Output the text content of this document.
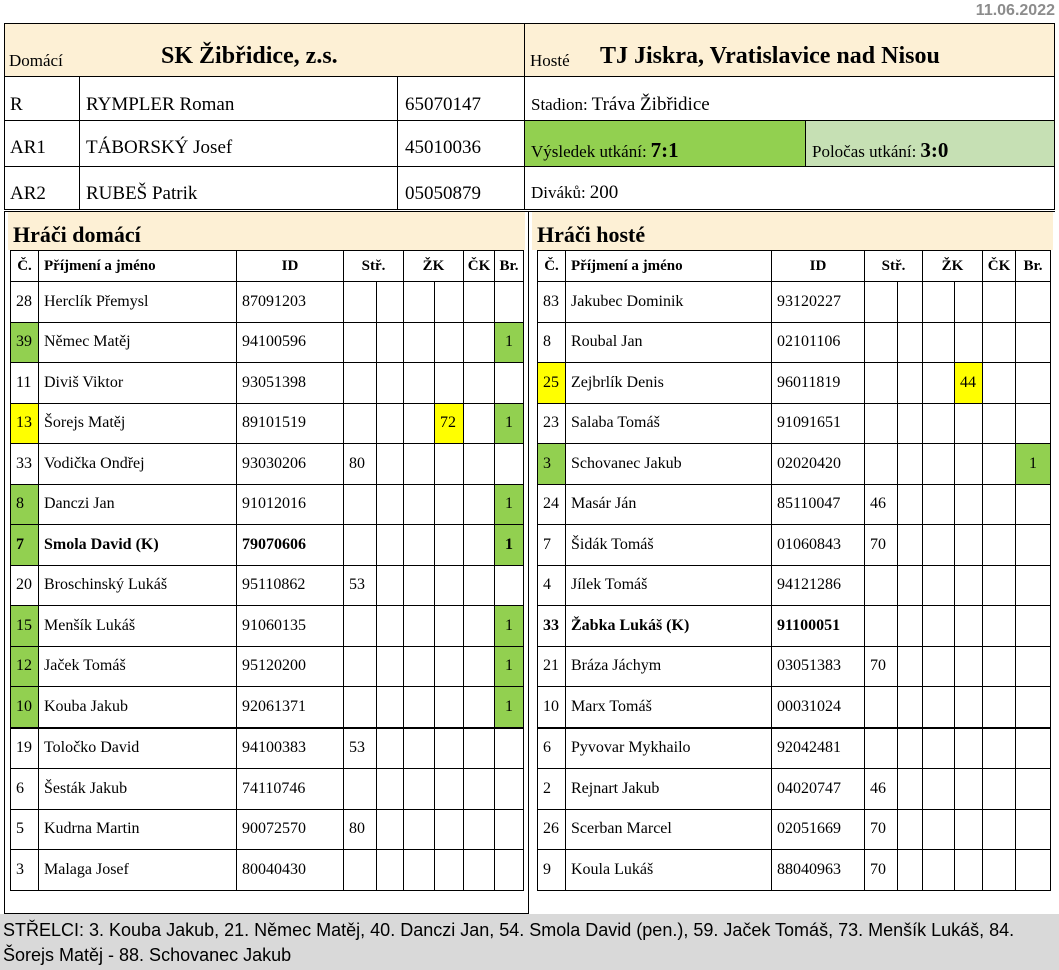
11.06.2022
Domácí	SK Žibřidice, z.s.	Hosté TJ Jiskra, Vratislavice nad Nisou
R	RYMPLER Roman	65070147
AR1 TÁBORSKÝ Josef	45010036
AR2 RUBEŠ Patrik	05050879
Stadion: Tráva Žibřidice
Výsledek utkání: 7:1	Poločas utkání: 3:0
Diváků: 200
Hráči domácí
Č.	Příjmení a jméno	ID	Stř.		ŽK		ČK	Br.
28	Herclík Přemysl	87091203						
39	Němec Matěj	94100596						1
11	Diviš Viktor	93051398						
13	Šorejs Matěj	89101519				72		1
33	Vodička Ondřej	93030206	80					
8	Danczi Jan	91012016						1
7	Smola David (K)	79070606						1
20	Broschinský Lukáš	95110862	53					
15	Menšík Lukáš	91060135						1
12	Jaček Tomáš	95120200						1
10	Kouba Jakub	92061371						1
19	Toločko David	94100383	53					
6	Šesták Jakub	74110746						
5	Kudrna Martin	90072570	80					
3	Malaga Josef	80040430						
Hráči hosté
Č.	Příjmení a jméno	ID	Stř.		ŽK		ČK	Br.
83	Jakubec Dominik	93120227						
8	Roubal Jan	02101106						
25	Zejbrlík Denis	96011819				44		
23	Salaba Tomáš	91091651						
3	Schovanec Jakub	02020420						1
24	Masár Ján	85110047	46					
7	Šidák Tomáš	01060843	70					
4	Jílek Tomáš	94121286						
33	Žabka Lukáš (K)	91100051						
21	Bráza Jáchym	03051383	70					
10	Marx Tomáš	00031024						
6	Pyvovar Mykhailo	92042481						
2	Rejnart Jakub	04020747	46					
26	Scerban Marcel	02051669	70					
9	Koula Lukáš	88040963	70					
STŘELCI: 3. Kouba Jakub, 21. Němec Matěj, 40. Danczi Jan, 54. Smola David (pen.), 59. Jaček Tomáš, 73. Menšík Lukáš, 84. Šorejs Matěj - 88. Schovanec Jakub
